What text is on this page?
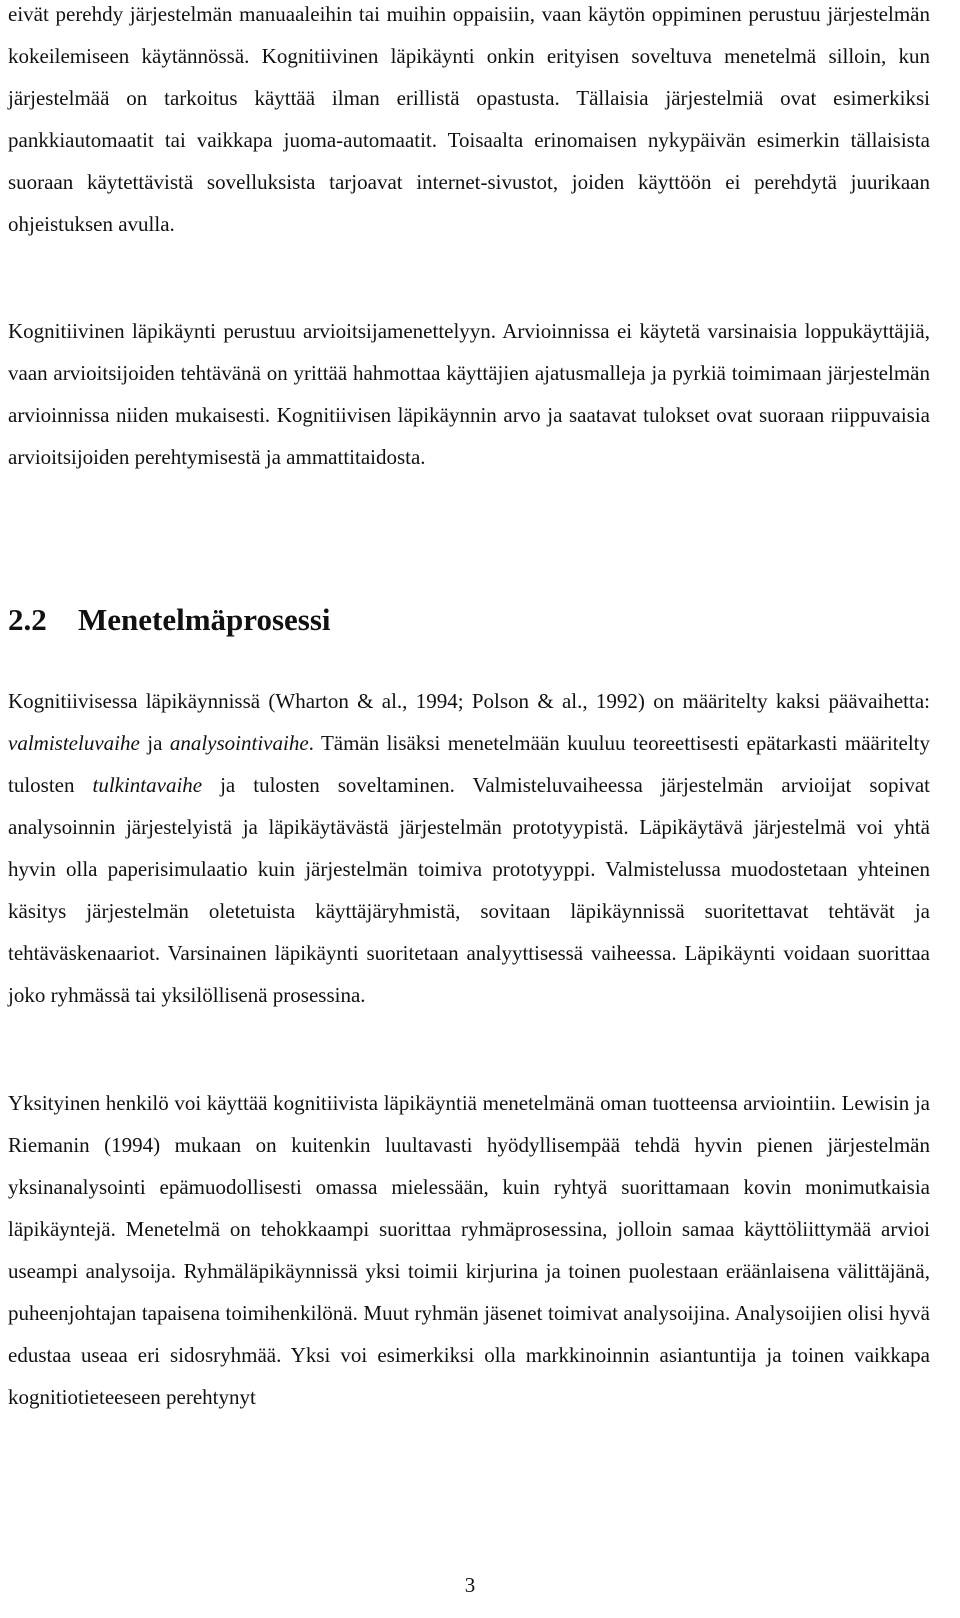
eivät perehdy järjestelmän manuaaleihin tai muihin oppaisiin, vaan käytön oppiminen perustuu järjestelmän kokeilemiseen käytännössä. Kognitiivinen läpikäynti onkin erityisen soveltuva menetelmä silloin, kun järjestelmää on tarkoitus käyttää ilman erillistä opastusta. Tällaisia järjestelmiä ovat esimerkiksi pankkiautomaatit tai vaikkapa juoma-automaatit. Toisaalta erinomaisen nykypäivän esimerkin tällaisista suoraan käytettävistä sovelluksista tarjoavat internet-sivustot, joiden käyttöön ei perehdytä juurikaan ohjeistuksen avulla.

Kognitiivinen läpikäynti perustuu arvioitsijamenettelyyn. Arvioinnissa ei käytetä varsinaisia loppukäyttäjiä, vaan arvioitsijoiden tehtävänä on yrittää hahmottaa käyttäjien ajatusmalleja ja pyrkiä toimimaan järjestelmän arvioinnissa niiden mukaisesti. Kognitiivisen läpikäynnin arvo ja saatavat tulokset ovat suoraan riippuvaisia arvioitsijoiden perehtymisestä ja ammattitaidosta.

2.2 Menetelmäprosessi

Kognitiivisessa läpikäynnissä (Wharton & al., 1994; Polson & al., 1992) on määritelty kaksi päävaihetta: valmisteluvaihe ja analysointivaihe. Tämän lisäksi menetelmään kuuluu teoreettisesti epätarkasti määritelty tulosten tulkintavaihe ja tulosten soveltaminen. Valmisteluvaiheessa järjestelmän arvioijat sopivat analysoinnin järjestelyistä ja läpikäytävästä järjestelmän prototyypistä. Läpikäytävä järjestelmä voi yhtä hyvin olla paperisimulaatio kuin järjestelmän toimiva prototyyppi. Valmistelussa muodostetaan yhteinen käsitys järjestelmän oletetuista käyttäjäryhmistä, sovitaan läpikäynnissä suoritettavat tehtävät ja tehtäväskenaariot. Varsinainen läpikäynti suoritetaan analyyttisessä vaiheessa. Läpikäynti voidaan suorittaa joko ryhmässä tai yksilöllisenä prosessina.

Yksityinen henkilö voi käyttää kognitiivista läpikäyntiä menetelmänä oman tuotteensa arviointiin. Lewisin ja Riemanin (1994) mukaan on kuitenkin luultavasti hyödyllisempää tehdä hyvin pienen järjestelmän yksinanalysointi epämuodollisesti omassa mielessään, kuin ryhtyä suorittamaan kovin monimutkaisia läpikäyntejä. Menetelmä on tehokkaampi suorittaa ryhmäprosessina, jolloin samaa käyttöliittymää arvioi useampi analysoija. Ryhmäläpikäynnissä yksi toimii kirjurina ja toinen puolestaan eräänlaisena välittäjänä, puheenjohtajan tapaisena toimihenkilönä. Muut ryhmän jäsenet toimivat analysoijina. Analysoijien olisi hyvä edustaa useaa eri sidosryhmää. Yksi voi esimerkiksi olla markkinoinnin asiantuntija ja toinen vaikkapa kognitiotieteeseen perehtynyt

3
